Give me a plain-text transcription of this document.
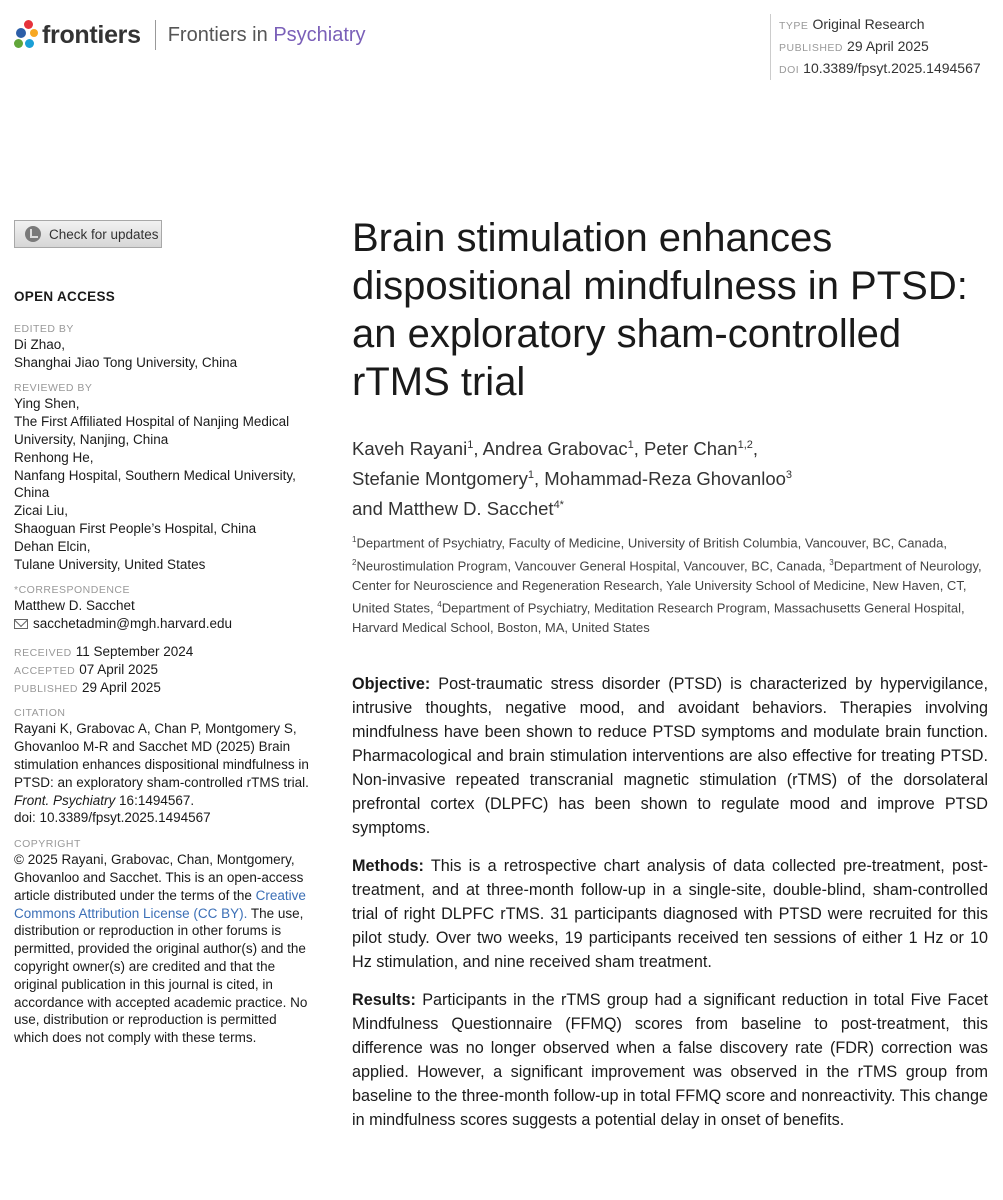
frontiers Frontiers in Psychiatry	TYPE Original Research
PUBLISHED 29 April 2025
DOI 10.3389/fpsyt.2025.1494567
Check for updates
OPEN ACCESS
EDITED BY
Di Zhao,
Shanghai Jiao Tong University, China
REVIEWED BY
Ying Shen,
The First Affiliated Hospital of Nanjing Medical University, Nanjing, China
Renhong He,
Nanfang Hospital, Southern Medical University, China
Zicai Liu,
Shaoguan First People’s Hospital, China
Dehan Elcin,
Tulane University, United States
*CORRESPONDENCE
Matthew D. Sacchet
sacchetadmin@mgh.harvard.edu
RECEIVED 11 September 2024
ACCEPTED 07 April 2025
PUBLISHED 29 April 2025
CITATION
Rayani K, Grabovac A, Chan P, Montgomery S, Ghovanloo M-R and Sacchet MD (2025) Brain stimulation enhances dispositional mindfulness in PTSD: an exploratory sham-controlled rTMS trial.
Front. Psychiatry 16:1494567.
doi: 10.3389/fpsyt.2025.1494567
COPYRIGHT
© 2025 Rayani, Grabovac, Chan, Montgomery, Ghovanloo and Sacchet. This is an open-access article distributed under the terms of the Creative Commons Attribution License (CC BY). The use, distribution or reproduction in other forums is permitted, provided the original author(s) and the copyright owner(s) are credited and that the original publication in this journal is cited, in accordance with accepted academic practice. No use, distribution or reproduction is permitted which does not comply with these terms.
Brain stimulation enhances dispositional mindfulness in PTSD: an exploratory sham-controlled rTMS trial
Kaveh Rayani$^1$, Andrea Grabovac$^1$, Peter Chan$^{1,2}$,
Stefanie Montgomery$^1$, Mohammad-Reza Ghovanloo$^3$
and Matthew D. Sacchet$^{4*}$
$^1$Department of Psychiatry, Faculty of Medicine, University of British Columbia, Vancouver, BC, Canada, $^2$Neurostimulation Program, Vancouver General Hospital, Vancouver, BC, Canada, $^3$Department of Neurology, Center for Neuroscience and Regeneration Research, Yale University School of Medicine, New Haven, CT, United States, $^4$Department of Psychiatry, Meditation Research Program, Massachusetts General Hospital, Harvard Medical School, Boston, MA, United States

Objective: Post-traumatic stress disorder (PTSD) is characterized by hypervigilance, intrusive thoughts, negative mood, and avoidant behaviors. Therapies involving mindfulness have been shown to reduce PTSD symptoms and modulate brain function. Pharmacological and brain stimulation interventions are also effective for treating PTSD. Non-invasive repeated transcranial magnetic stimulation (rTMS) of the dorsolateral prefrontal cortex (DLPFC) has been shown to regulate mood and improve PTSD symptoms.

Methods: This is a retrospective chart analysis of data collected pre-treatment, post-treatment, and at three-month follow-up in a single-site, double-blind, sham-controlled trial of right DLPFC rTMS. 31 participants diagnosed with PTSD were recruited for this pilot study. Over two weeks, 19 participants received ten sessions of either 1 Hz or 10 Hz stimulation, and nine received sham treatment.

Results: Participants in the rTMS group had a significant reduction in total Five Facet Mindfulness Questionnaire (FFMQ) scores from baseline to post-treatment, this difference was no longer observed when a false discovery rate (FDR) correction was applied. However, a significant improvement was observed in the rTMS group from baseline to the three-month follow-up in total FFMQ score and nonreactivity. This change in mindfulness scores suggests a potential delay in onset of benefits.
